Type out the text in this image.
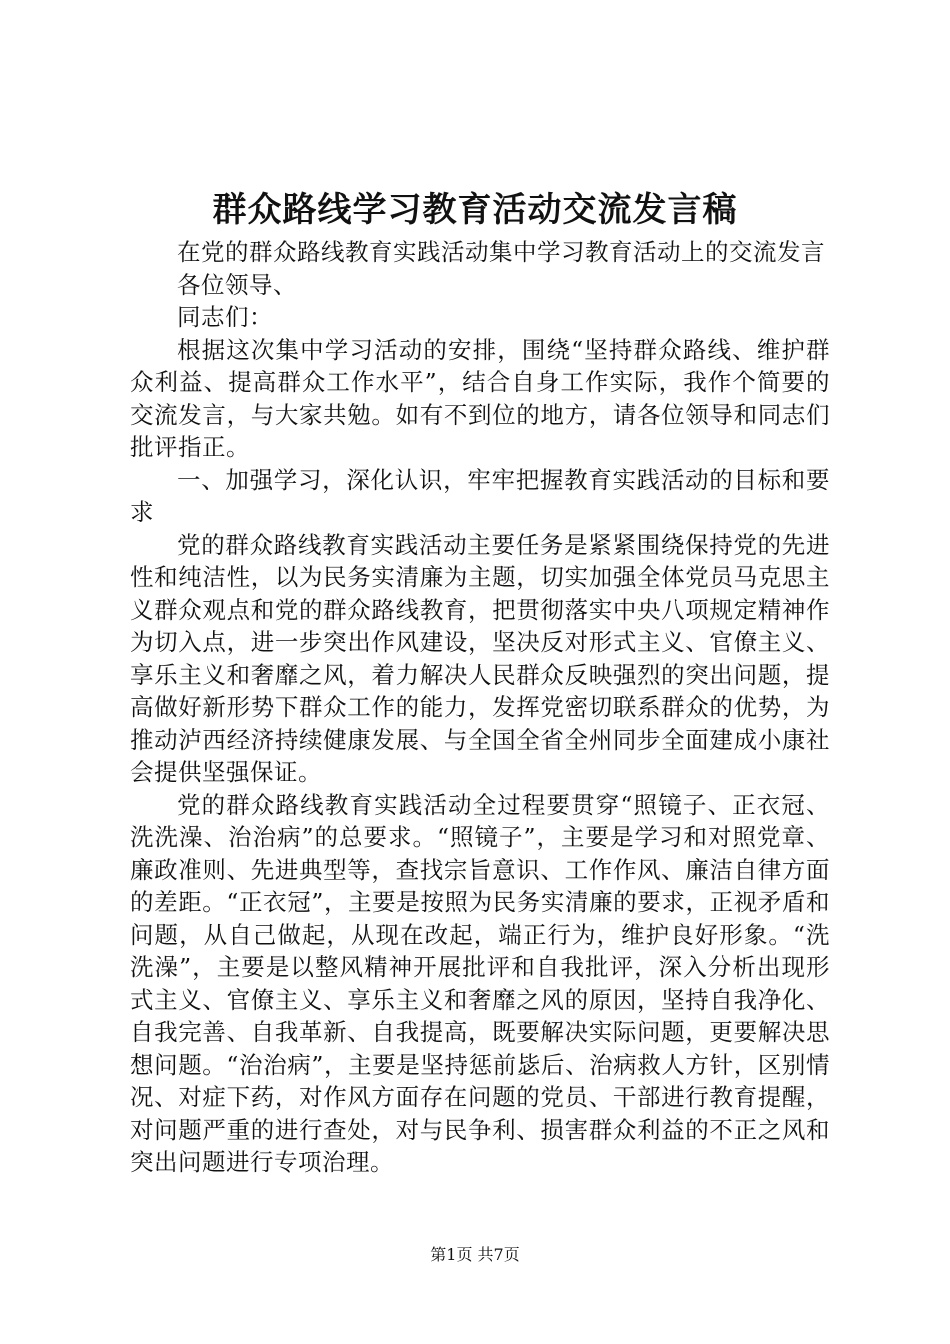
群众路线学习教育活动交流发言稿

在党的群众路线教育实践活动集中学习教育活动上的交流发言

各位领导、

同志们：

根据这次集中学习活动的安排，围绕“坚持群众路线、维护群众利益、提高群众工作水平”，结合自身工作实际，我作个简要的交流发言，与大家共勉。如有不到位的地方，请各位领导和同志们批评指正。

一、加强学习，深化认识，牢牢把握教育实践活动的目标和要求

党的群众路线教育实践活动主要任务是紧紧围绕保持党的先进性和纯洁性，以为民务实清廉为主题，切实加强全体党员马克思主义群众观点和党的群众路线教育，把贯彻落实中央八项规定精神作为切入点，进一步突出作风建设，坚决反对形式主义、官僚主义、享乐主义和奢靡之风，着力解决人民群众反映强烈的突出问题，提高做好新形势下群众工作的能力，发挥党密切联系群众的优势，为推动泸西经济持续健康发展、与全国全省全州同步全面建成小康社会提供坚强保证。

党的群众路线教育实践活动全过程要贯穿“照镜子、正衣冠、洗洗澡、治治病”的总要求。“照镜子”，主要是学习和对照党章、廉政准则、先进典型等，查找宗旨意识、工作作风、廉洁自律方面的差距。“正衣冠”，主要是按照为民务实清廉的要求，正视矛盾和问题，从自己做起，从现在改起，端正行为，维护良好形象。“洗洗澡”，主要是以整风精神开展批评和自我批评，深入分析出现形式主义、官僚主义、享乐主义和奢靡之风的原因，坚持自我净化、自我完善、自我革新、自我提高，既要解决实际问题，更要解决思想问题。“治治病”，主要是坚持惩前毖后、治病救人方针，区别情况、对症下药，对作风方面存在问题的党员、干部进行教育提醒，对问题严重的进行查处，对与民争利、损害群众利益的不正之风和突出问题进行专项治理。

第1页 共7页
